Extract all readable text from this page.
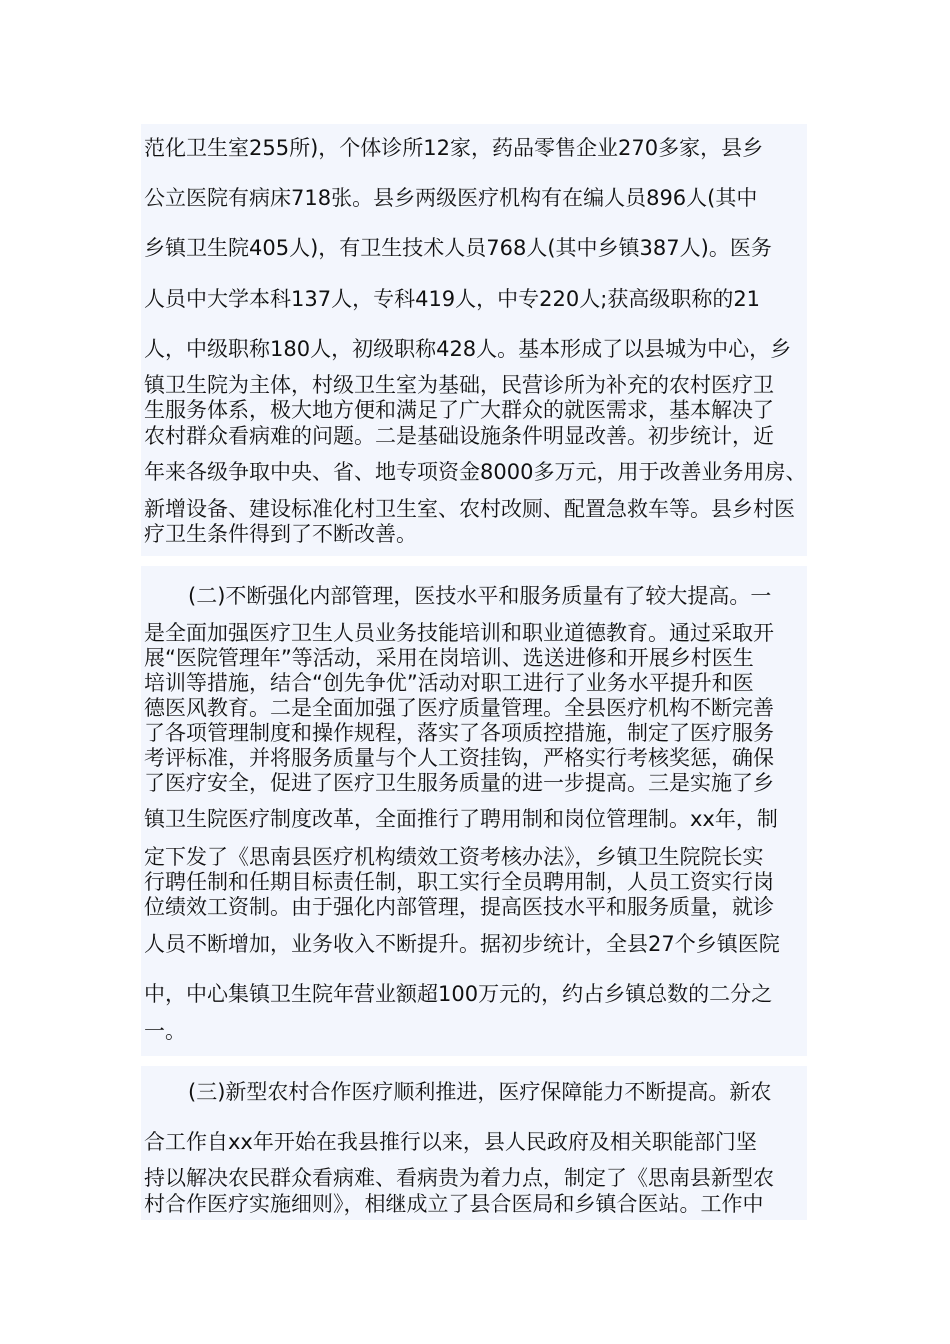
范化卫生室255所)，个体诊所12家，药品零售企业270多家，县乡
公立医院有病床718张。县乡两级医疗机构有在编人员896人(其中
乡镇卫生院405人)，有卫生技术人员768人(其中乡镇387人)。医务
人员中大学本科137人，专科419人，中专220人;获高级职称的21
人，中级职称180人，初级职称428人。基本形成了以县城为中心，乡
镇卫生院为主体，村级卫生室为基础，民营诊所为补充的农村医疗卫
生服务体系，极大地方便和满足了广大群众的就医需求，基本解决了
农村群众看病难的问题。二是基础设施条件明显改善。初步统计，近
年来各级争取中央、省、地专项资金8000多万元，用于改善业务用房、
新增设备、建设标准化村卫生室、农村改厕、配置急救车等。县乡村医
疗卫生条件得到了不断改善。
(二)不断强化内部管理，医技水平和服务质量有了较大提高。一
是全面加强医疗卫生人员业务技能培训和职业道德教育。通过采取开
展“医院管理年”等活动，采用在岗培训、选送进修和开展乡村医生
培训等措施，结合“创先争优”活动对职工进行了业务水平提升和医
德医风教育。二是全面加强了医疗质量管理。全县医疗机构不断完善
了各项管理制度和操作规程，落实了各项质控措施，制定了医疗服务
考评标准，并将服务质量与个人工资挂钩，严格实行考核奖惩，确保
了医疗安全，促进了医疗卫生服务质量的进一步提高。三是实施了乡
镇卫生院医疗制度改革，全面推行了聘用制和岗位管理制。xx年，制
定下发了《思南县医疗机构绩效工资考核办法》，乡镇卫生院院长实
行聘任制和任期目标责任制，职工实行全员聘用制，人员工资实行岗
位绩效工资制。由于强化内部管理，提高医技水平和服务质量，就诊
人员不断增加，业务收入不断提升。据初步统计，全县27个乡镇医院
中，中心集镇卫生院年营业额超100万元的，约占乡镇总数的二分之
一。
(三)新型农村合作医疗顺利推进，医疗保障能力不断提高。新农
合工作自xx年开始在我县推行以来，县人民政府及相关职能部门坚
持以解决农民群众看病难、看病贵为着力点，制定了《思南县新型农
村合作医疗实施细则》，相继成立了县合医局和乡镇合医站。工作中
